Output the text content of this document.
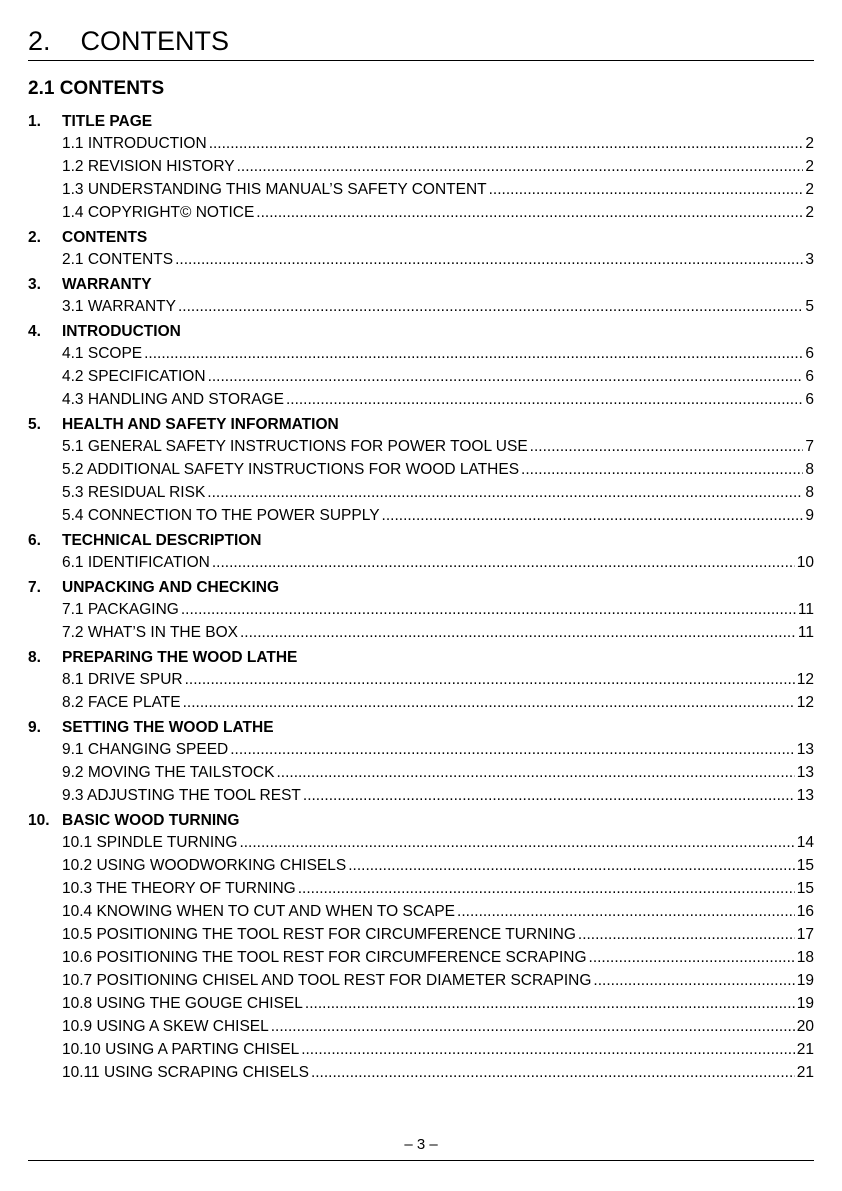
2.    CONTENTS
2.1 CONTENTS
1. TITLE PAGE
1.1 INTRODUCTION .....	2
1.2 REVISION HISTORY .....	2
1.3 UNDERSTANDING THIS MANUAL’S SAFETY CONTENT .....	2
1.4 COPYRIGHT© NOTICE .....	2
2. CONTENTS
2.1 CONTENTS .....	3
3. WARRANTY
3.1 WARRANTY .....	5
4. INTRODUCTION
4.1 SCOPE .....	6
4.2 SPECIFICATION .....	6
4.3 HANDLING AND STORAGE .....	6
5. HEALTH AND SAFETY INFORMATION
5.1 GENERAL SAFETY INSTRUCTIONS FOR POWER TOOL USE .....	7
5.2 ADDITIONAL SAFETY INSTRUCTIONS FOR WOOD LATHES .....	8
5.3 RESIDUAL RISK .....	8
5.4 CONNECTION TO THE POWER SUPPLY .....	9
6. TECHNICAL DESCRIPTION
6.1 IDENTIFICATION .....	10
7. UNPACKING AND CHECKING
7.1 PACKAGING .....	11
7.2 WHAT’S IN THE BOX .....	11
8. PREPARING THE WOOD LATHE
8.1 DRIVE SPUR .....	12
8.2 FACE PLATE .....	12
9. SETTING THE WOOD LATHE
9.1 CHANGING SPEED .....	13
9.2 MOVING THE TAILSTOCK .....	13
9.3 ADJUSTING THE TOOL REST .....	13
10. BASIC WOOD TURNING
10.1 SPINDLE TURNING .....	14
10.2 USING WOODWORKING CHISELS .....	15
10.3 THE THEORY OF TURNING .....	15
10.4 KNOWING WHEN TO CUT AND WHEN TO SCAPE .....	16
10.5 POSITIONING THE TOOL REST FOR CIRCUMFERENCE TURNING .....	17
10.6 POSITIONING THE TOOL REST FOR CIRCUMFERENCE SCRAPING .....	18
10.7 POSITIONING CHISEL AND TOOL REST FOR DIAMETER SCRAPING .....	19
10.8 USING THE GOUGE CHISEL .....	19
10.9 USING A SKEW CHISEL .....	20
10.10 USING A PARTING CHISEL .....	21
10.11 USING SCRAPING CHISELS .....	21
– 3 –
